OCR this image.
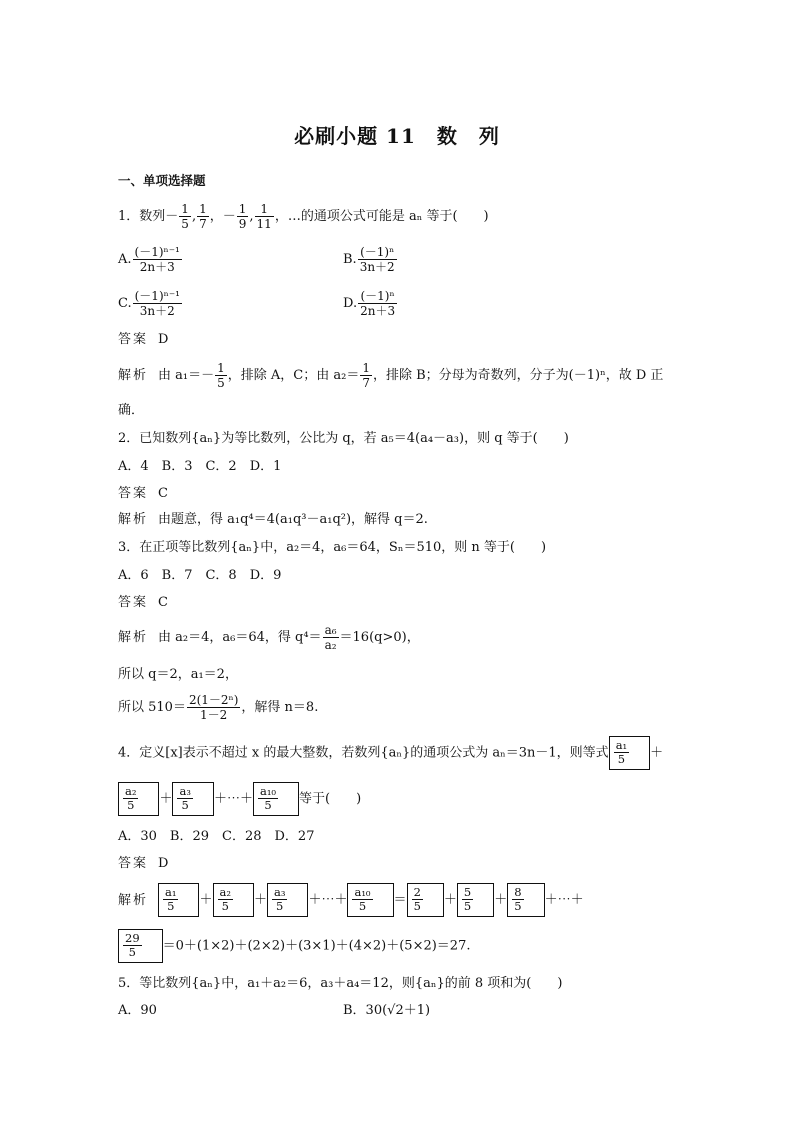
必刷小题 11　数　列
一、单项选择题
1．数列－ $\frac{1}{5}$ , $\frac{1}{7}$ ，－ $\frac{1}{9}$ , $\frac{1}{11}$ ，…的通项公式可能是 aₙ 等于(　　)
A. $\frac{\text{(－1)ⁿ⁻¹}}{2n+3}$	B. $\frac{\text{(－1)ⁿ}}{3n+2}$
C. $\frac{\text{(－1)ⁿ⁻¹}}{3n+2}$	D. $\frac{\text{(－1)ⁿ}}{2n+3}$
答案 D
解析 由 $a_1=- \frac{1}{5}$ ，排除 A，C；由 $a_2= \frac{1}{7}$ ，排除 B；分母为奇数列，分子为(－1)ⁿ，故 D 正
确．
2．已知数列{aₙ}为等比数列，公比为 q，若 a₅＝4(a₄－a₃)，则 q 等于(　　)
A．4　B．3　C．2　D．1
答案 C
解析 由题意，得 a₁q⁴＝4(a₁q³－a₁q²)，解得 q＝2.
3．在正项等比数列{aₙ}中，a₂＝4，a₆＝64，Sₙ＝510，则 n 等于(　　)
A．6　B．7　C．8　D．9
答案 C
解析 由 a₂＝4，a₆＝64，得 $q^4= \frac{\text{a₆}}{\text{a₂}} =16(q>0)$，
所以 q＝2，a₁＝2，
所以 $510= \frac{\text{2(1－2ⁿ)}}{1-2}$ ，解得 n＝8.
4．定义[x]表示不超过 x 的最大整数，若数列{aₙ}的通项公式为 aₙ＝3n－1，则等式 $\frac{\text{a₁}}{5}$ ＋
$\frac{\text{a₂}}{5} + \frac{\text{a₃}}{5}$ ＋⋯＋ $\frac{\text{a₁₀}}{5}$ 等于(　　)
A．30　B．29　C．28　D．27
答案 D
解析 $\frac{\text{a₁}}{5} + \frac{\text{a₂}}{5} + \frac{\text{a₃}}{5}$ ＋⋯＋ $\frac{\text{a₁₀}}{5} = \frac{2}{5} + \frac{5}{5} + \frac{8}{5}$ ＋⋯＋
$\frac{29}{5} =0+(1\times 2)+(2\times 2)+(3\times 1)+(4\times 2)+(5\times 2)=27$.
5．等比数列{aₙ}中，a₁＋a₂＝6，a₃＋a₄＝12，则{aₙ}的前 8 项和为(　　)
A．90	B．30(√2＋1)
